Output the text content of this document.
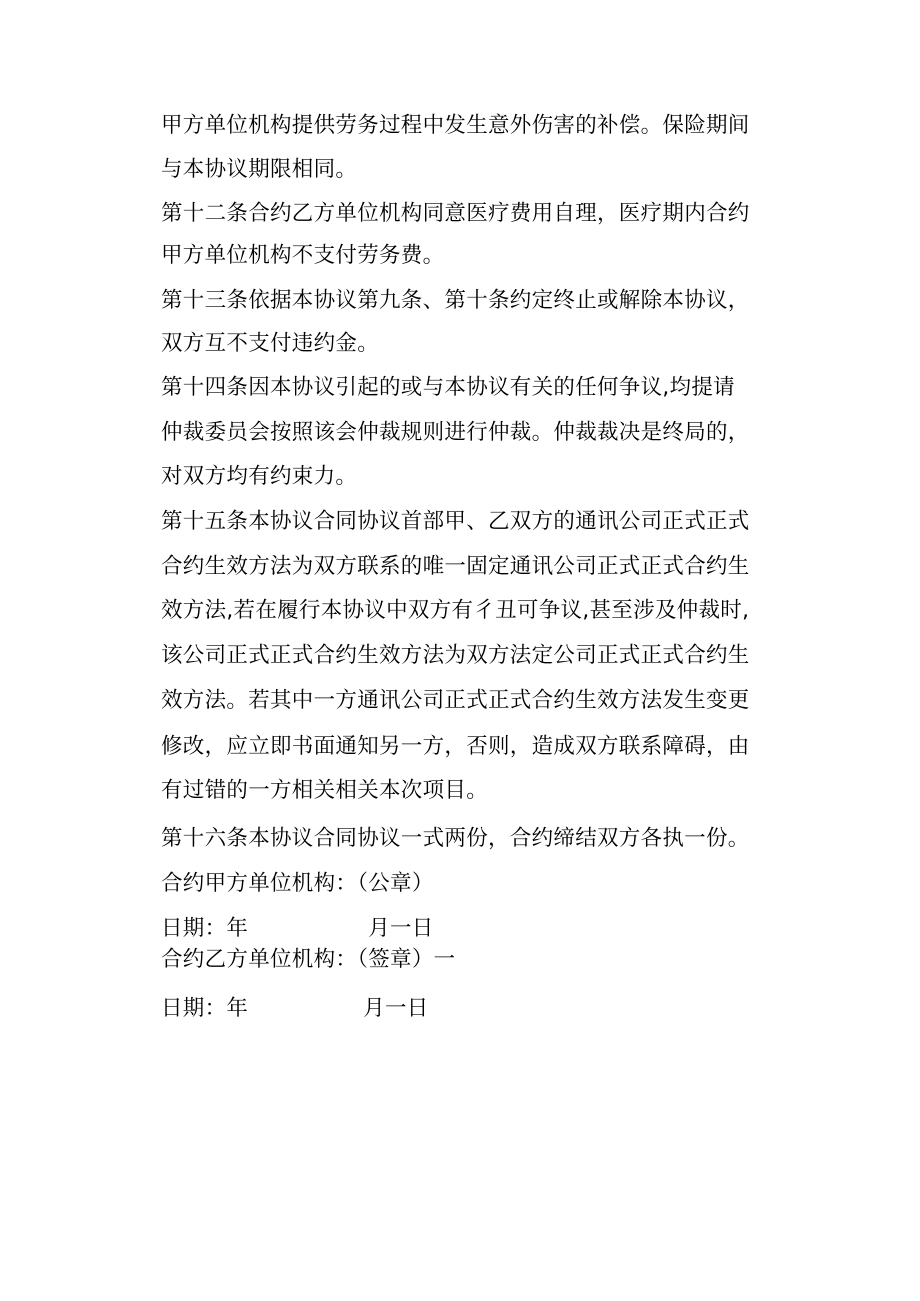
甲方单位机构提供劳务过程中发生意外伤害的补偿。保险期间
与本协议期限相同。
第十二条合约乙方单位机构同意医疗费用自理，医疗期内合约
甲方单位机构不支付劳务费。
第十三条依据本协议第九条、第十条约定终止或解除本协议，
双方互不支付违约金。
第十四条因本协议引起的或与本协议有关的任何争议,均提请
仲裁委员会按照该会仲裁规则进行仲裁。仲裁裁决是终局的，
对双方均有约束力。
第十五条本协议合同协议首部甲、乙双方的通讯公司正式正式
合约生效方法为双方联系的唯一固定通讯公司正式正式合约生
效方法,若在履行本协议中双方有彳丑可争议,甚至涉及仲裁时,
该公司正式正式合约生效方法为双方法定公司正式正式合约生
效方法。若其中一方通讯公司正式正式合约生效方法发生变更
修改，应立即书面通知另一方，否则，造成双方联系障碍，由
有过错的一方相关相关本次项目。
第十六条本协议合同协议一式两份，合约缔结双方各执一份。
合约甲方单位机构：（公章）
日期：年	月一日
合约乙方单位机构：（签章）一
日期：年	月一日
